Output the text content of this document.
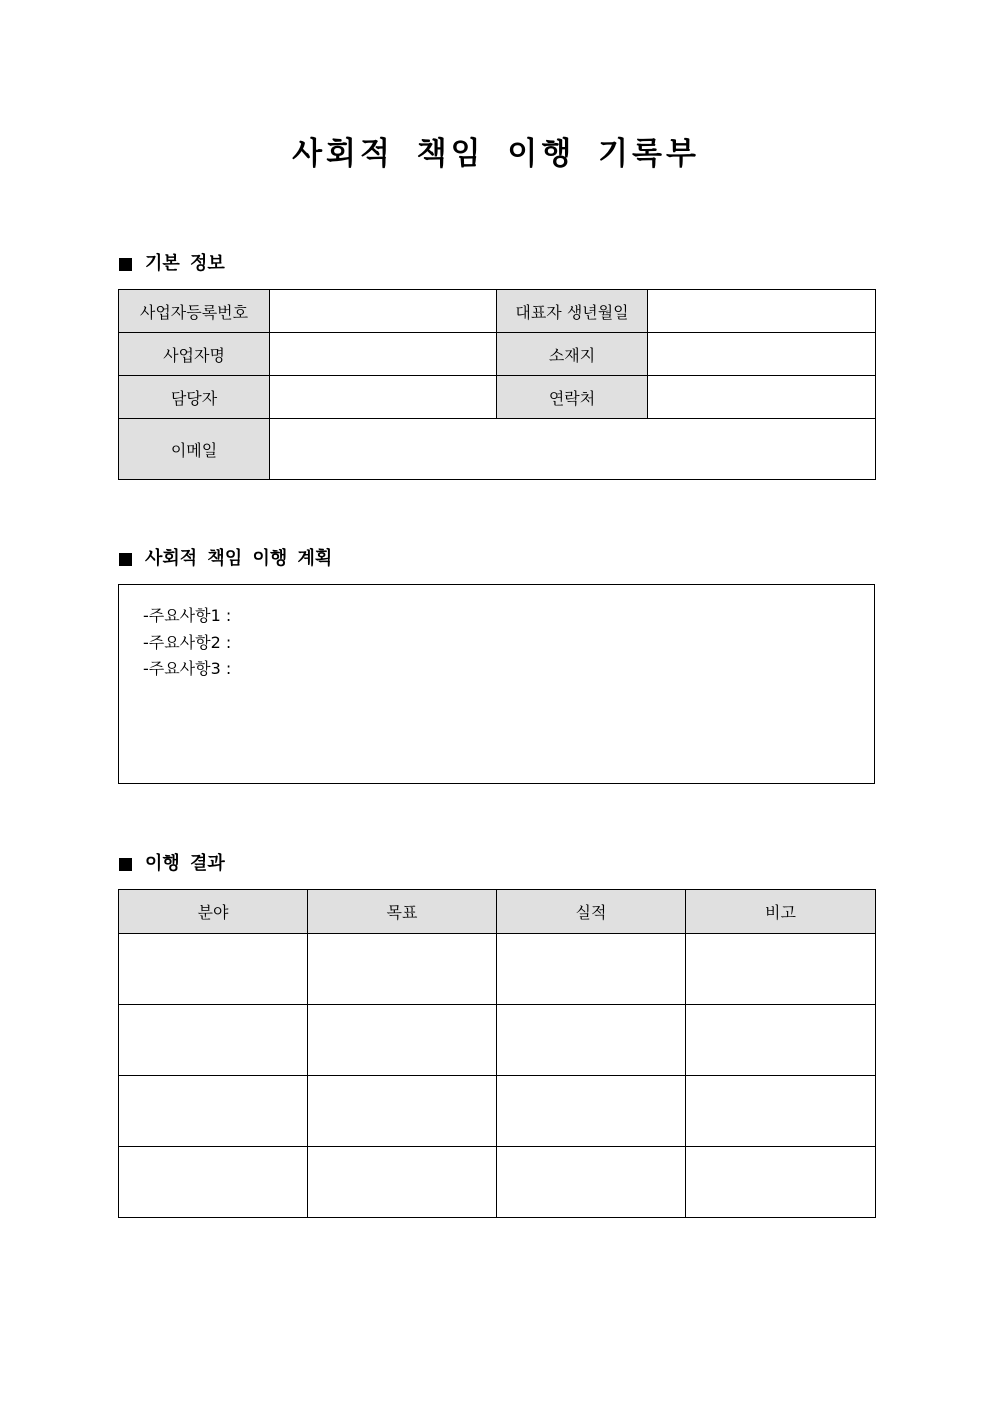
사회적 책임 이행 기록부
기본 정보
사업자등록번호		대표자 생년월일	
사업자명		소재지	
담당자		연락처	
이메일			
사회적 책임 이행 계획
-주요사항1 :
-주요사항2 :
-주요사항3 :
이행 결과
분야	목표	실적	비고
